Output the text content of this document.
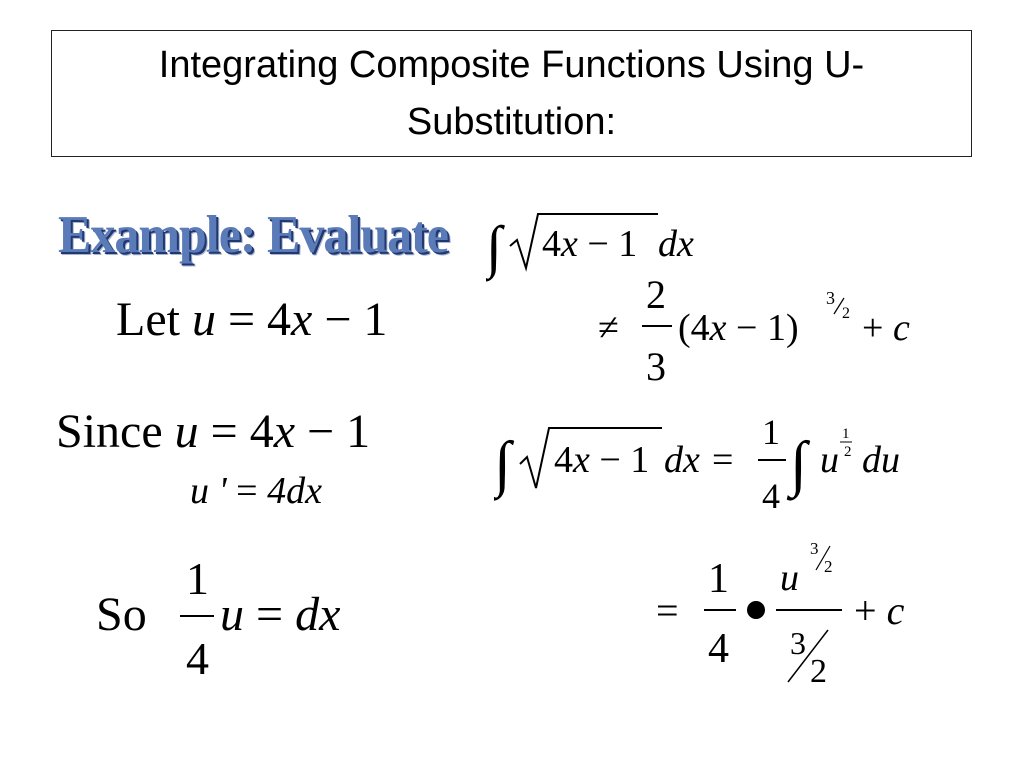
Integrating Composite Functions Using U-Substitution:
Example: Evaluate ∫ 4x − 1 dx
Let u = 4x − 1	≠
2
3
(4x − 1)
3
2 + c
Since u = 4x − 1
u ' = 4dx	∫ 4x − 1 dx =
1
4 ∫ u
1
2 du
So
1
4
u = dx	=
1
4
u
3
2
3
2
+ c
